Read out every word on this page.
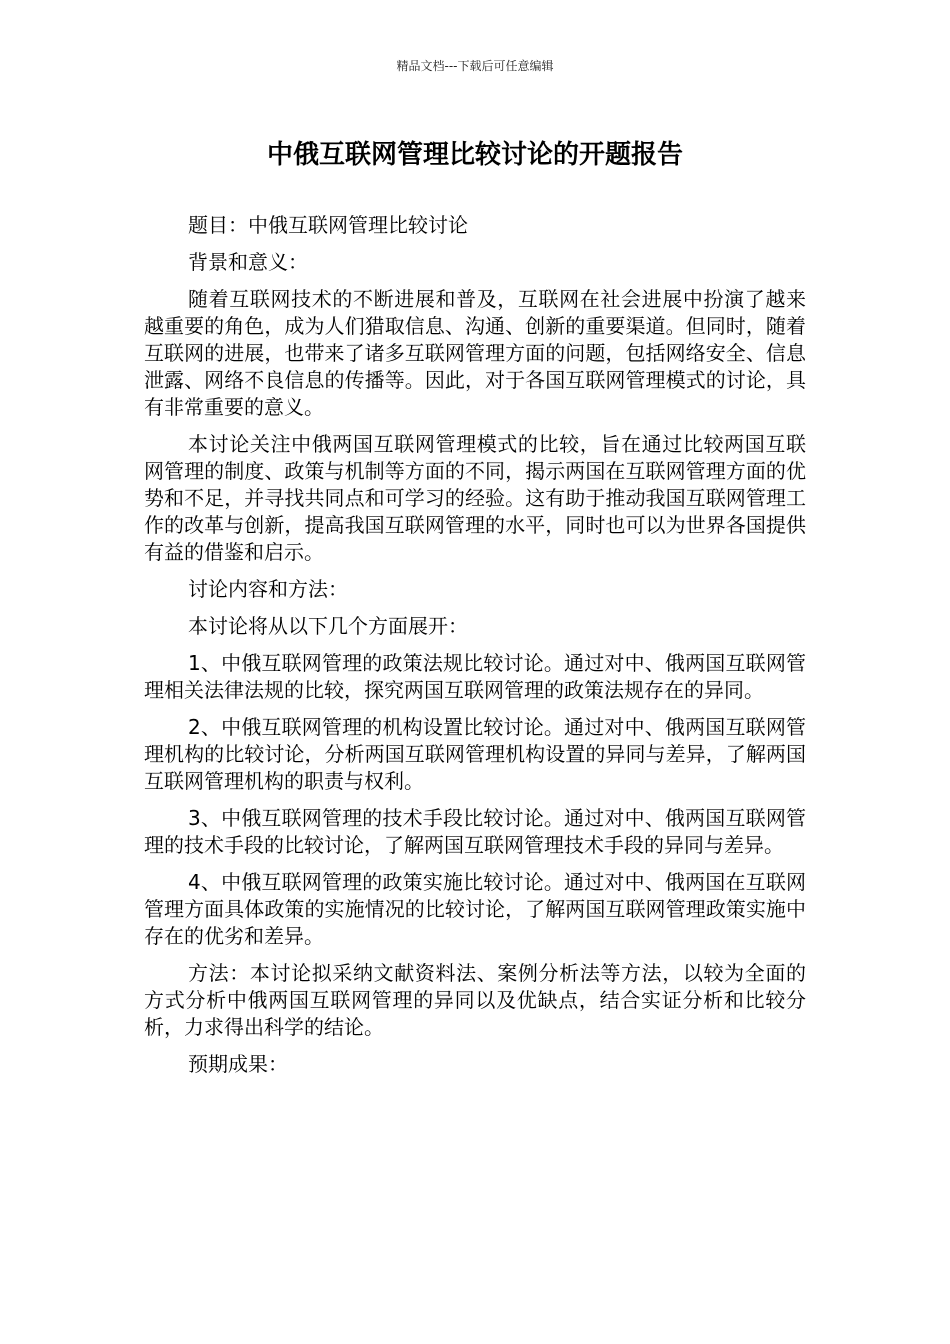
精品文档---下载后可任意编辑
中俄互联网管理比较讨论的开题报告

题目：中俄互联网管理比较讨论

背景和意义：

随着互联网技术的不断进展和普及，互联网在社会进展中扮演了越来越重要的角色，成为人们猎取信息、沟通、创新的重要渠道。但同时，随着互联网的进展，也带来了诸多互联网管理方面的问题，包括网络安全、信息泄露、网络不良信息的传播等。因此，对于各国互联网管理模式的讨论，具有非常重要的意义。

本讨论关注中俄两国互联网管理模式的比较，旨在通过比较两国互联网管理的制度、政策与机制等方面的不同，揭示两国在互联网管理方面的优势和不足，并寻找共同点和可学习的经验。这有助于推动我国互联网管理工作的改革与创新，提高我国互联网管理的水平，同时也可以为世界各国提供有益的借鉴和启示。

讨论内容和方法：

本讨论将从以下几个方面展开：

1、中俄互联网管理的政策法规比较讨论。通过对中、俄两国互联网管理相关法律法规的比较，探究两国互联网管理的政策法规存在的异同。

2、中俄互联网管理的机构设置比较讨论。通过对中、俄两国互联网管理机构的比较讨论，分析两国互联网管理机构设置的异同与差异，了解两国互联网管理机构的职责与权利。

3、中俄互联网管理的技术手段比较讨论。通过对中、俄两国互联网管理的技术手段的比较讨论，了解两国互联网管理技术手段的异同与差异。

4、中俄互联网管理的政策实施比较讨论。通过对中、俄两国在互联网管理方面具体政策的实施情况的比较讨论，了解两国互联网管理政策实施中存在的优劣和差异。

方法：本讨论拟采纳文献资料法、案例分析法等方法，以较为全面的方式分析中俄两国互联网管理的异同以及优缺点，结合实证分析和比较分析，力求得出科学的结论。

预期成果：
